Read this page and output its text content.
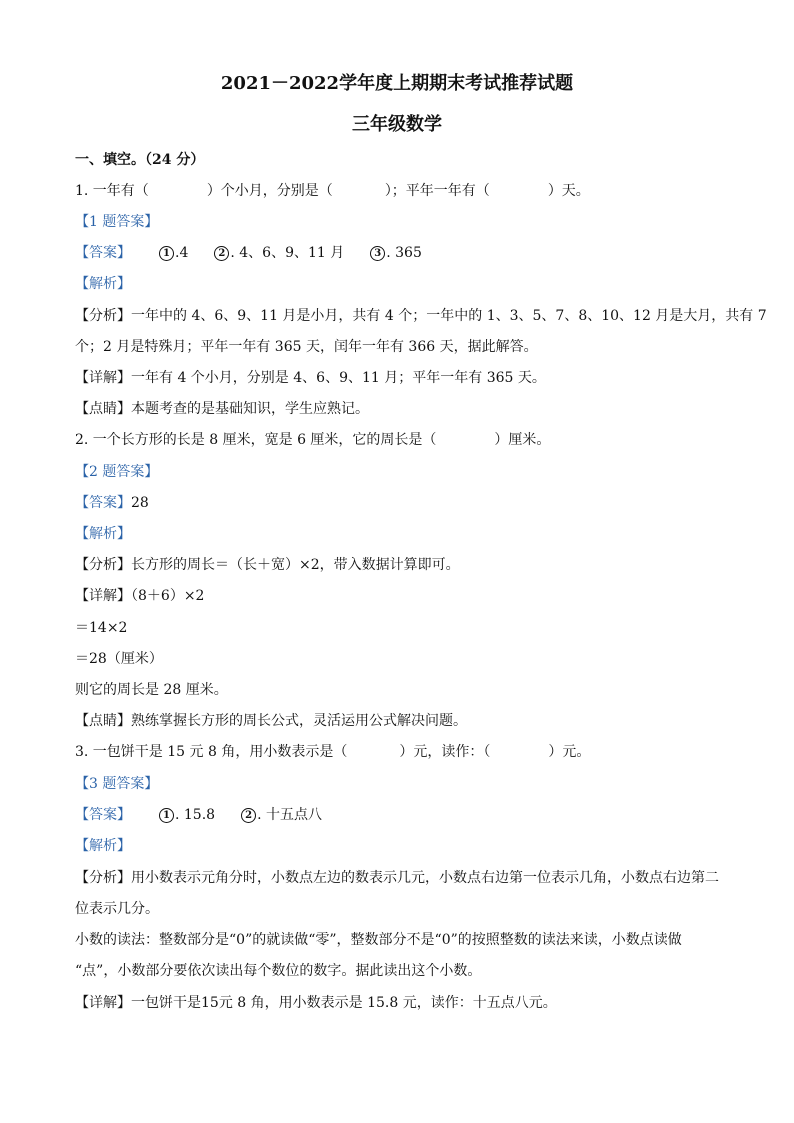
2021－2022学年度上期期末考试推荐试题
三年级数学
一、填空。（24 分）
1. 一年有（	）个小月，分别是（	）；平年一年有（	）天。
【1 题答案】
【答案】	1 .4	2 . 4、6、9、11 月	3 . 365
【解析】
【分析】一年中的 4、6、9、11 月是小月，共有 4 个；一年中的 1、3、5、7、8、10、12 月是大月，共有 7
个；2 月是特殊月；平年一年有 365 天，闰年一年有 366 天，据此解答。
【详解】一年有 4 个小月，分别是 4、6、9、11 月；平年一年有 365 天。
【点睛】本题考查的是基础知识，学生应熟记。
2. 一个长方形的长是 8 厘米，宽是 6 厘米，它的周长是（	）厘米。
【2 题答案】
【答案】28
【解析】
【分析】长方形的周长＝（长＋宽）×2，带入数据计算即可。
【详解】（8＋6）×2
＝14×2
＝28（厘米）
则它的周长是 28 厘米。
【点睛】熟练掌握长方形的周长公式，灵活运用公式解决问题。
3. 一包饼干是 15 元 8 角，用小数表示是（	）元，读作：（	）元。
【3 题答案】
【答案】	1 . 15.8	2 . 十五点八
【解析】
【分析】用小数表示元角分时，小数点左边的数表示几元，小数点右边第一位表示几角，小数点右边第二
位表示几分。
小数的读法：整数部分是“0”的就读做“零”，整数部分不是“0”的按照整数的读法来读，小数点读做
“点”，小数部分要依次读出每个数位的数字。据此读出这个小数。
【详解】一包饼干是15元 8 角，用小数表示是 15.8 元，读作：十五点八元。
